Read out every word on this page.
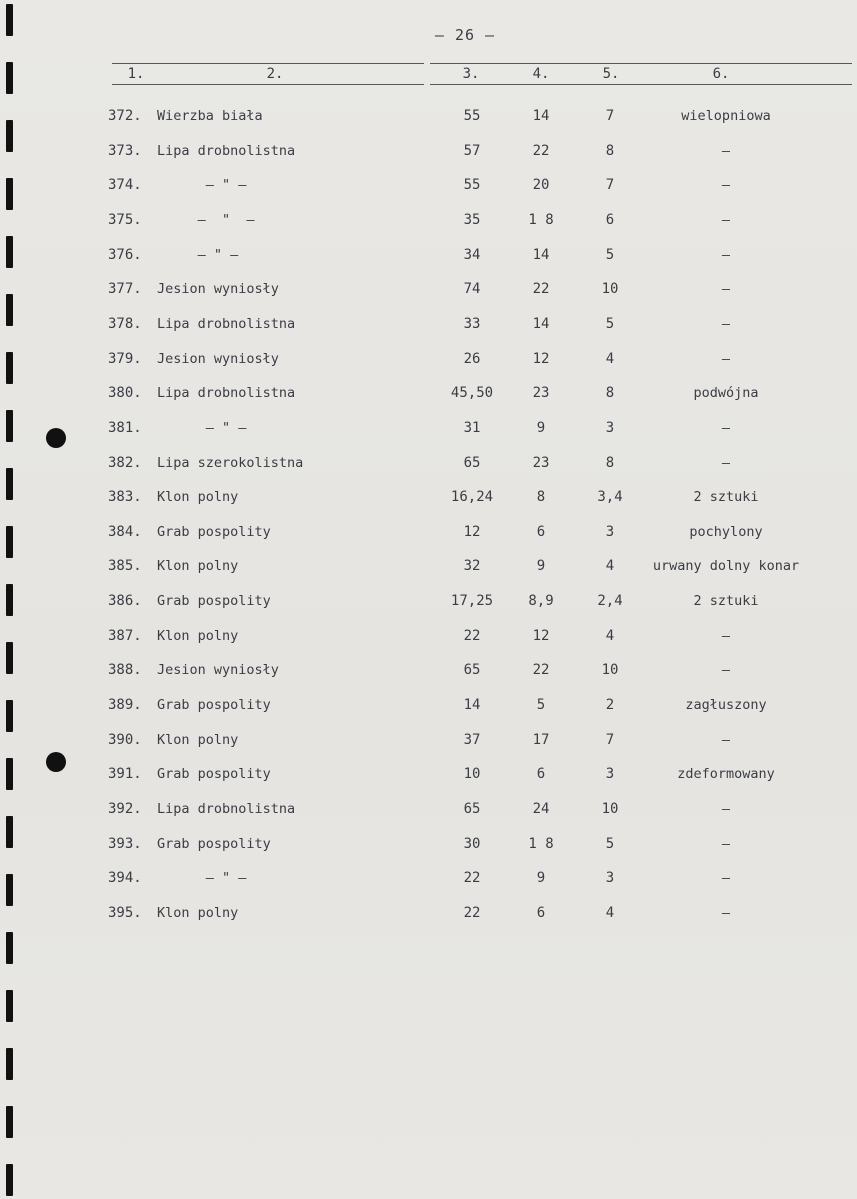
– 26 –
1.	2.	3.	4.	5.	6.
372. Wierzba biała	55	14	7	wielopniowa
373. Lipa drobnolistna	57	22	8	–
374. – " –	55	20	7	–
375. –  "  –	35	1 8	6	–
376. – " –	34	14	5	–
377. Jesion wyniosły	74	22	10	–
378. Lipa drobnolistna	33	14	5	–
379. Jesion wyniosły	26	12	4	–
380. Lipa drobnolistna	45,50	23	8	podwójna
381. – " –	31	9	3	–
382. Lipa szerokolistna	65	23	8	–
383. Klon polny	16,24	8	3,4	2 sztuki
384. Grab pospolity	12	6	3	pochylony
385. Klon polny	32	9	4	urwany dolny konar
386. Grab pospolity	17,25	8,9	2,4	2 sztuki
387. Klon polny	22	12	4	–
388. Jesion wyniosły	65	22	10	–
389. Grab pospolity	14	5	2	zagłuszony
390. Klon polny	37	17	7	–
391. Grab pospolity	10	6	3	zdeformowany
392. Lipa drobnolistna	65	24	10	–
393. Grab pospolity	30	1 8	5	–
394. – " –	22	9	3	–
395. Klon polny	22	6	4	–
